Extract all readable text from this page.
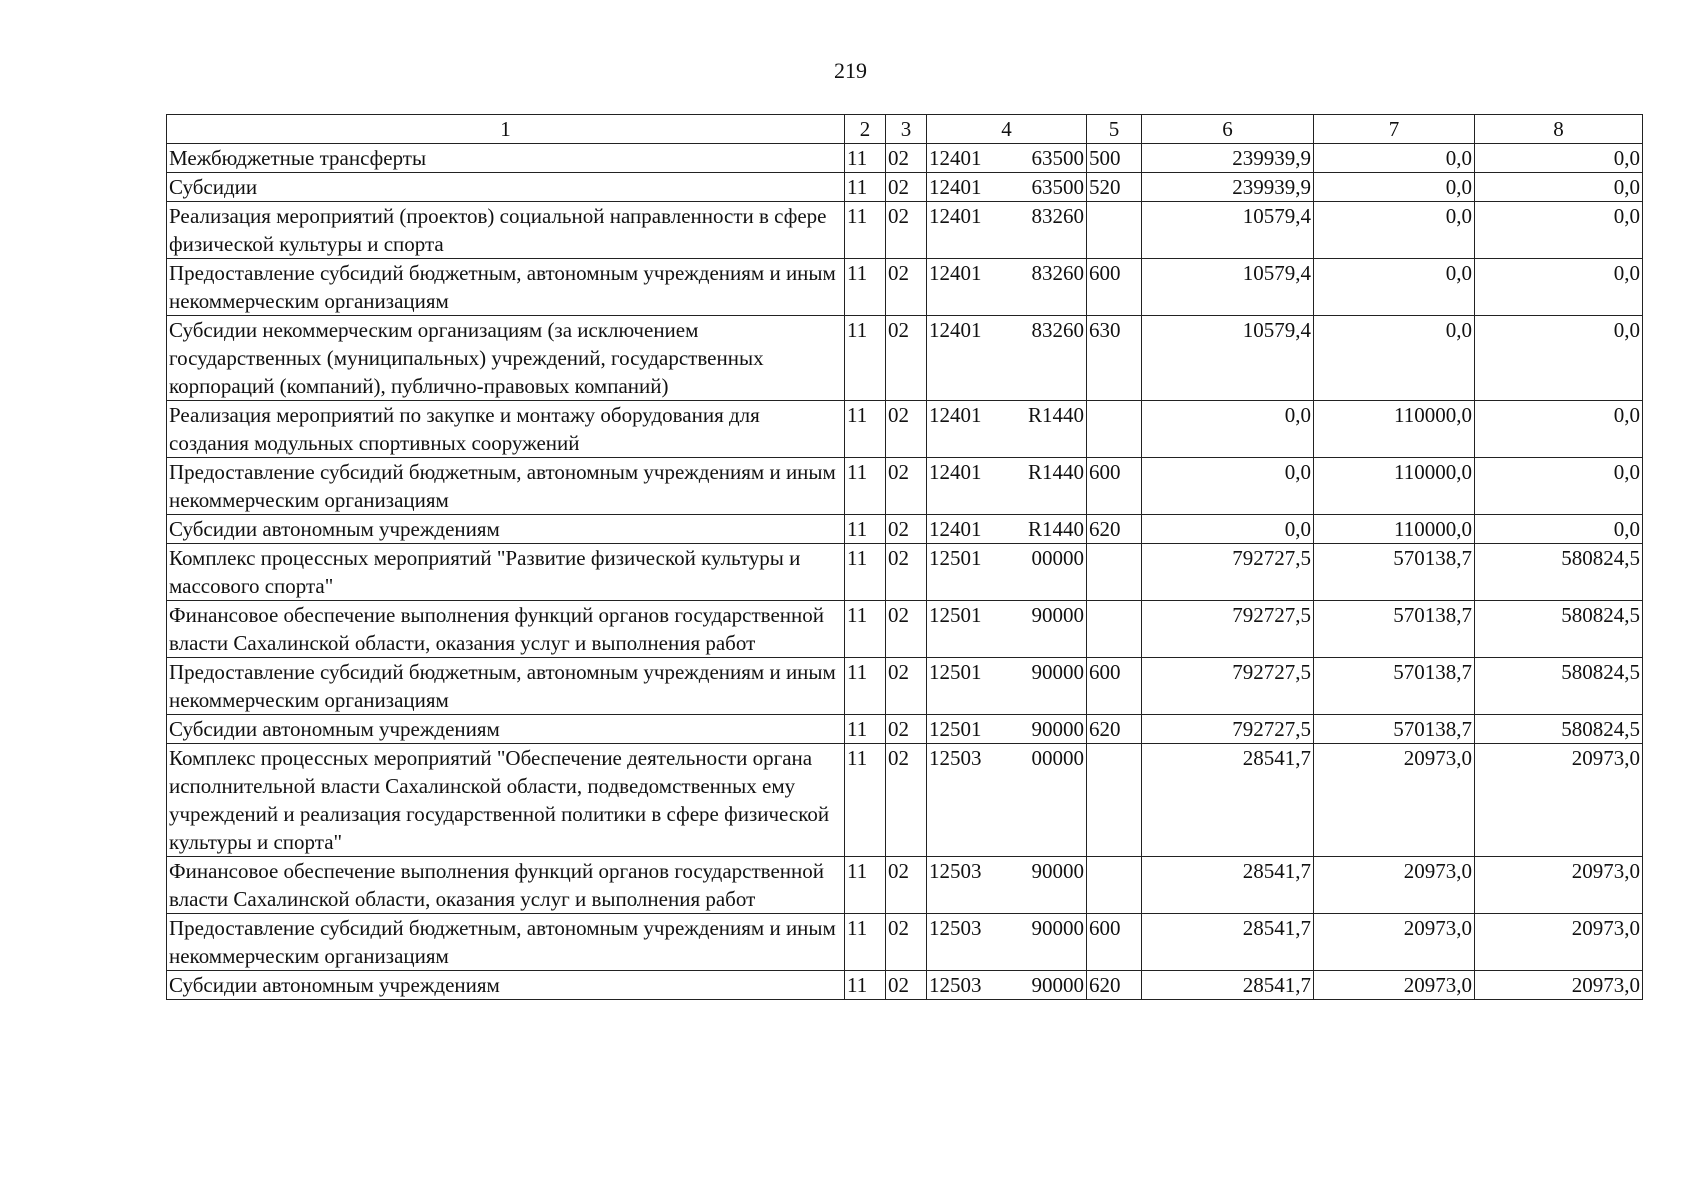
219
1	2	3	4	5	6	7	8
Межбюджетные трансферты	11	02	12401 63500	500	239939,9	0,0	0,0
Субсидии	11	02	12401 63500	520	239939,9	0,0	0,0
Реализация мероприятий (проектов) социальной направленности в сфере физической культуры и спорта	11	02	12401 83260		10579,4	0,0	0,0
Предоставление субсидий бюджетным, автономным учреждениям и иным некоммерческим организациям	11	02	12401 83260	600	10579,4	0,0	0,0
Субсидии некоммерческим организациям (за исключением государственных (муниципальных) учреждений, государственных корпораций (компаний), публично-правовых компаний)	11	02	12401 83260	630	10579,4	0,0	0,0
Реализация мероприятий по закупке и монтажу оборудования для создания модульных спортивных сооружений	11	02	12401 R1440		0,0	110000,0	0,0
Предоставление субсидий бюджетным, автономным учреждениям и иным некоммерческим организациям	11	02	12401 R1440	600	0,0	110000,0	0,0
Субсидии автономным учреждениям	11	02	12401 R1440	620	0,0	110000,0	0,0
Комплекс процессных мероприятий "Развитие физической культуры и массового спорта"	11	02	12501 00000		792727,5	570138,7	580824,5
Финансовое обеспечение выполнения функций органов государственной власти Сахалинской области, оказания услуг и выполнения работ	11	02	12501 90000		792727,5	570138,7	580824,5
Предоставление субсидий бюджетным, автономным учреждениям и иным некоммерческим организациям	11	02	12501 90000	600	792727,5	570138,7	580824,5
Субсидии автономным учреждениям	11	02	12501 90000	620	792727,5	570138,7	580824,5
Комплекс процессных мероприятий "Обеспечение деятельности органа исполнительной власти Сахалинской области, подведомственных ему учреждений и реализация государственной политики в сфере физической культуры и спорта"	11	02	12503 00000		28541,7	20973,0	20973,0
Финансовое обеспечение выполнения функций органов государственной власти Сахалинской области, оказания услуг и выполнения работ	11	02	12503 90000		28541,7	20973,0	20973,0
Предоставление субсидий бюджетным, автономным учреждениям и иным некоммерческим организациям	11	02	12503 90000	600	28541,7	20973,0	20973,0
Субсидии автономным учреждениям	11	02	12503 90000	620	28541,7	20973,0	20973,0
